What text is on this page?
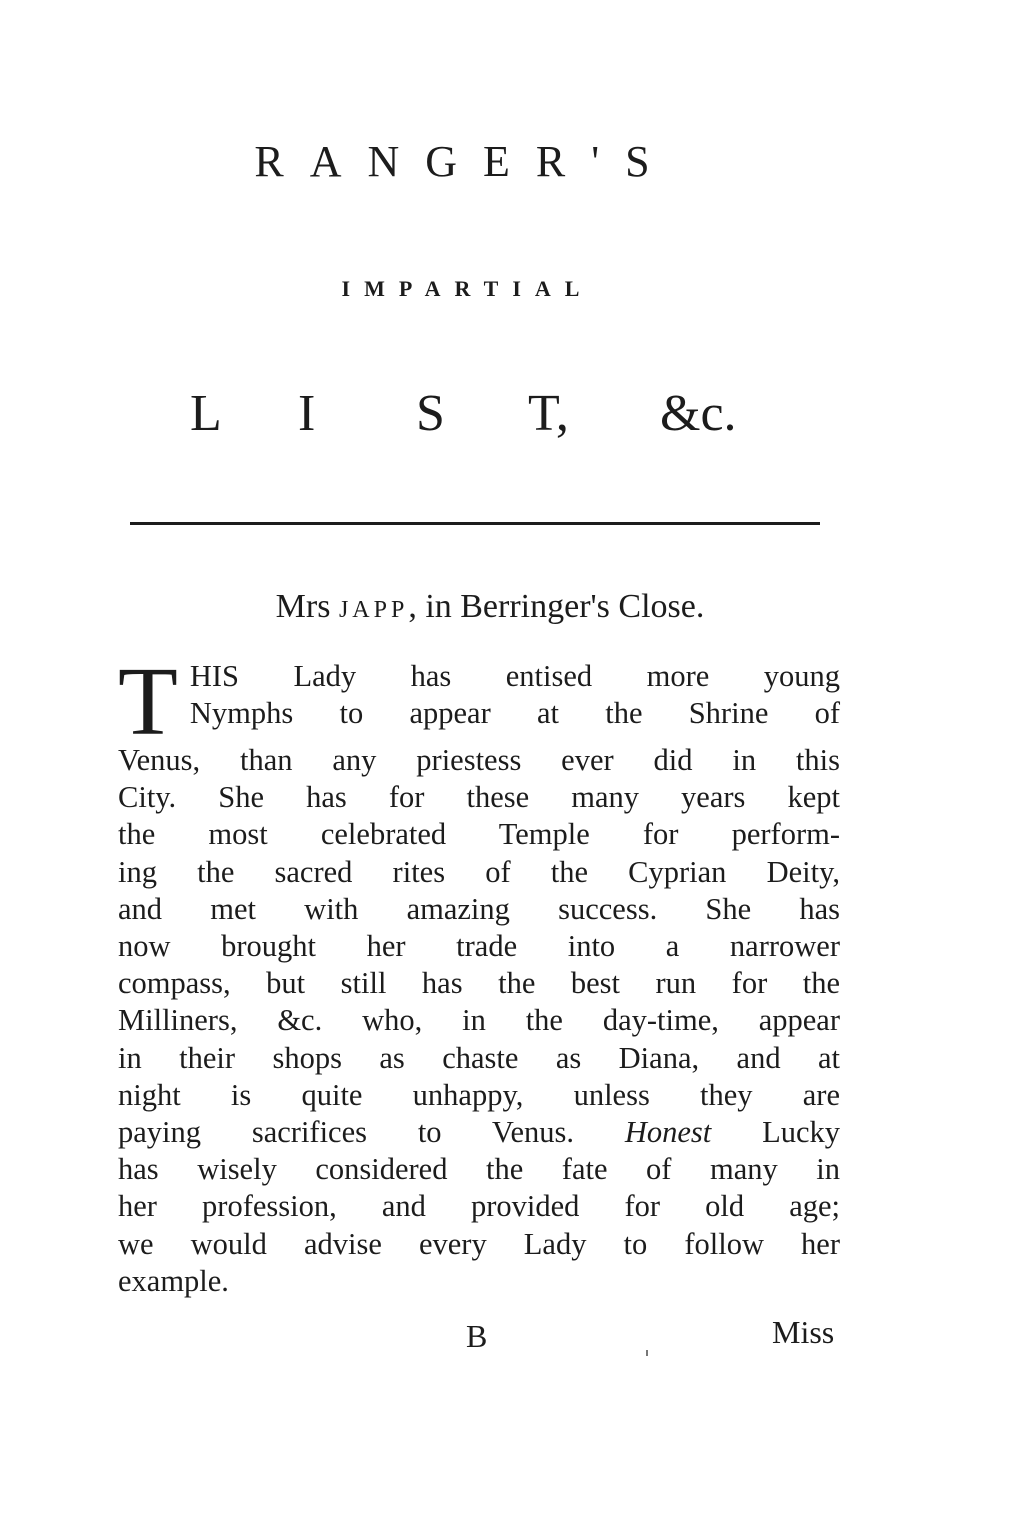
RANGER'S
IMPARTIAL
L I S T, &c.
Mrs JAPP, in Berringer's Close.
T HIS Lady has entised more young
Nymphs to appear at the Shrine of
Venus, than any priestess ever did in this
City. She has for these many years kept
the most celebrated Temple for perform-
ing the sacred rites of the Cyprian Deity,
and met with amazing success. She has
now brought her trade into a narrower
compass, but still has the best run for the
Milliners, &c. who, in the day-time, appear
in their shops as chaste as Diana, and at
night is quite unhappy, unless they are
paying sacrifices to Venus. Honest Lucky
has wisely considered the fate of many in
her profession, and provided for old age;
we would advise every Lady to follow her
example.
B	Miss
